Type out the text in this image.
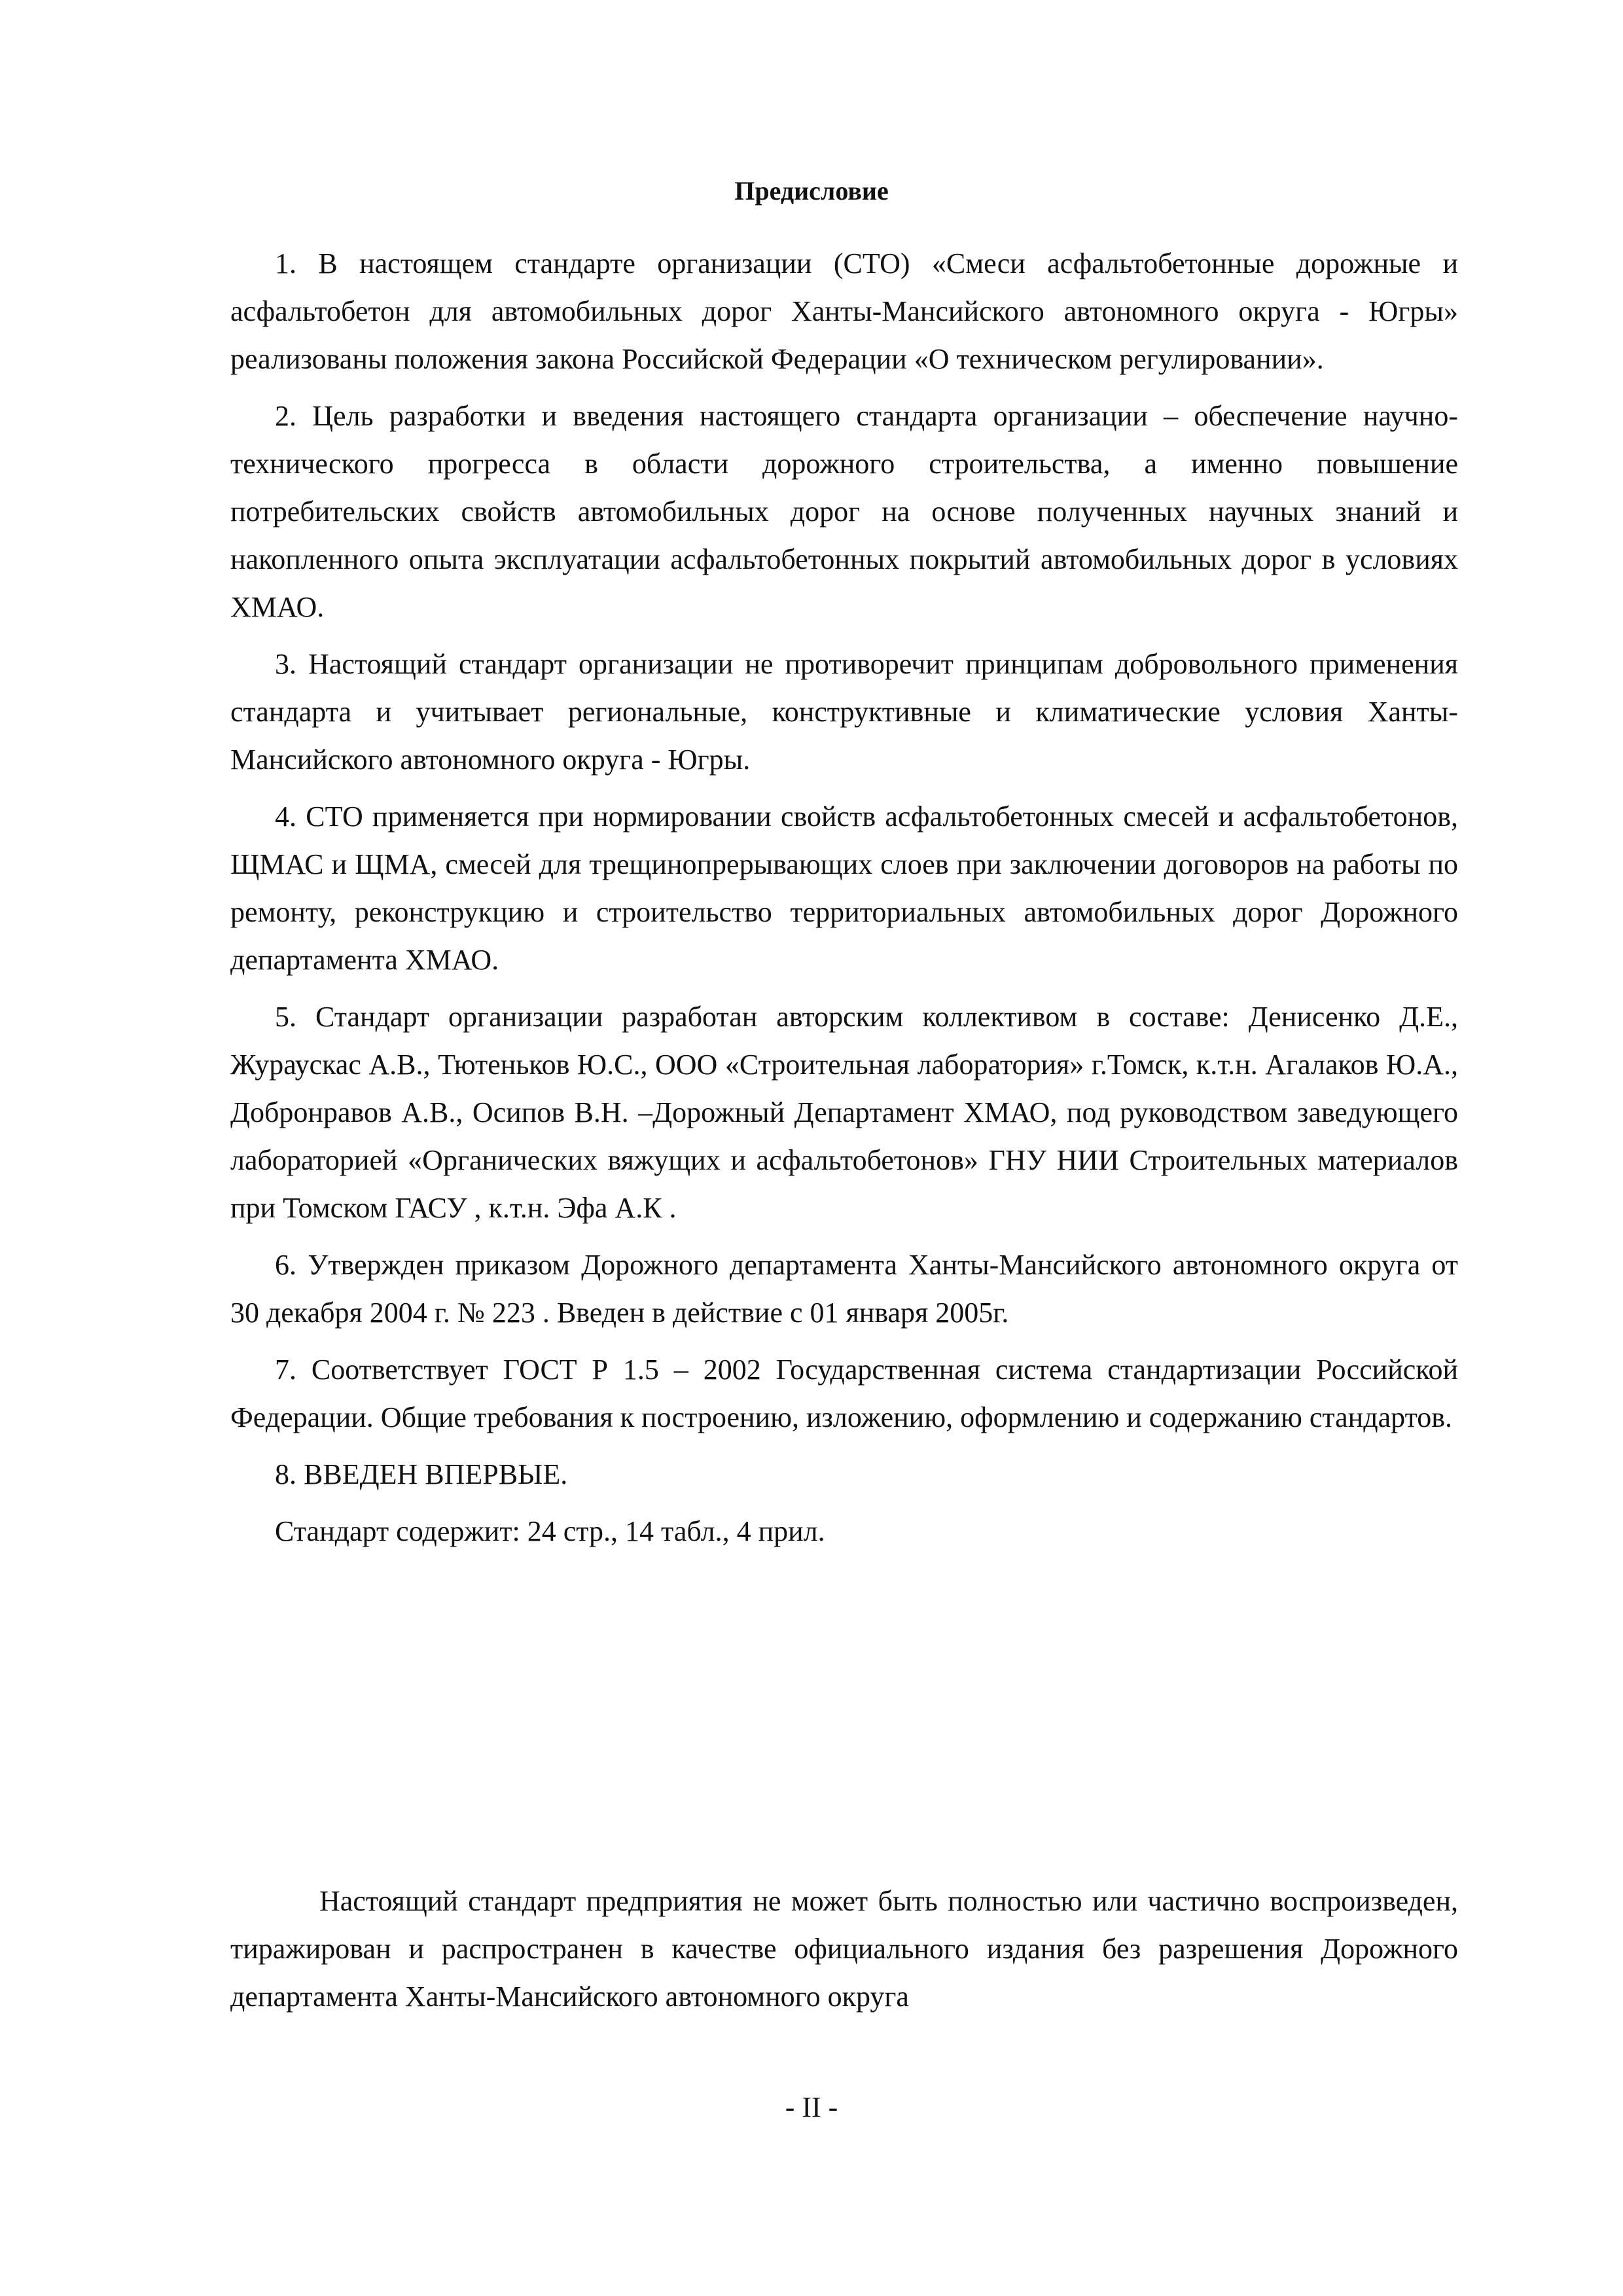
Предисловие

1. В настоящем стандарте организации (СТО) «Смеси асфальтобетонные дорожные и асфальтобетон для автомобильных дорог Ханты-Мансийского автономного округа - Югры» реализованы положения закона Российской Федерации «О техническом регулировании».

2. Цель разработки и введения настоящего стандарта организации – обеспечение научно-технического прогресса в области дорожного строительства, а именно повышение потребительских свойств автомобильных дорог на основе полученных научных знаний и накопленного опыта эксплуатации асфальтобетонных покрытий автомобильных дорог в условиях ХМАО.

3. Настоящий стандарт организации не противоречит принципам добровольного применения стандарта и учитывает региональные, конструктивные и климатические условия Ханты-Мансийского автономного округа - Югры.

4. СТО применяется при нормировании свойств асфальтобетонных смесей и асфальтобетонов, ЩМАС и ЩМА, смесей для трещинопрерывающих слоев при заключении договоров на работы по ремонту, реконструкцию и строительство территориальных автомобильных дорог Дорожного департамента ХМАО.

5. Стандарт организации разработан авторским коллективом в составе: Денисенко Д.Е., Жураускас А.В., Тютеньков Ю.С., ООО «Строительная лаборатория» г.Томск, к.т.н. Агалаков Ю.А., Добронравов А.В., Осипов В.Н. –Дорожный Департамент ХМАО, под руководством заведующего лабораторией «Органических вяжущих и асфальтобетонов» ГНУ НИИ Строительных материалов при Томском ГАСУ , к.т.н. Эфа А.К .

6. Утвержден приказом Дорожного департамента Ханты-Мансийского автономного округа от 30 декабря 2004 г. № 223 . Введен в действие с 01 января 2005г.

7. Соответствует ГОСТ Р 1.5 – 2002 Государственная система стандартизации Российской Федерации. Общие требования к построению, изложению, оформлению и содержанию стандартов.

8. ВВЕДЕН ВПЕРВЫЕ.

Стандарт содержит: 24 стр., 14 табл., 4 прил.

Настоящий стандарт предприятия не может быть полностью или частично воспроизведен, тиражирован и распространен в качестве официального издания без разрешения Дорожного департамента Ханты-Мансийского автономного округа

- II -
